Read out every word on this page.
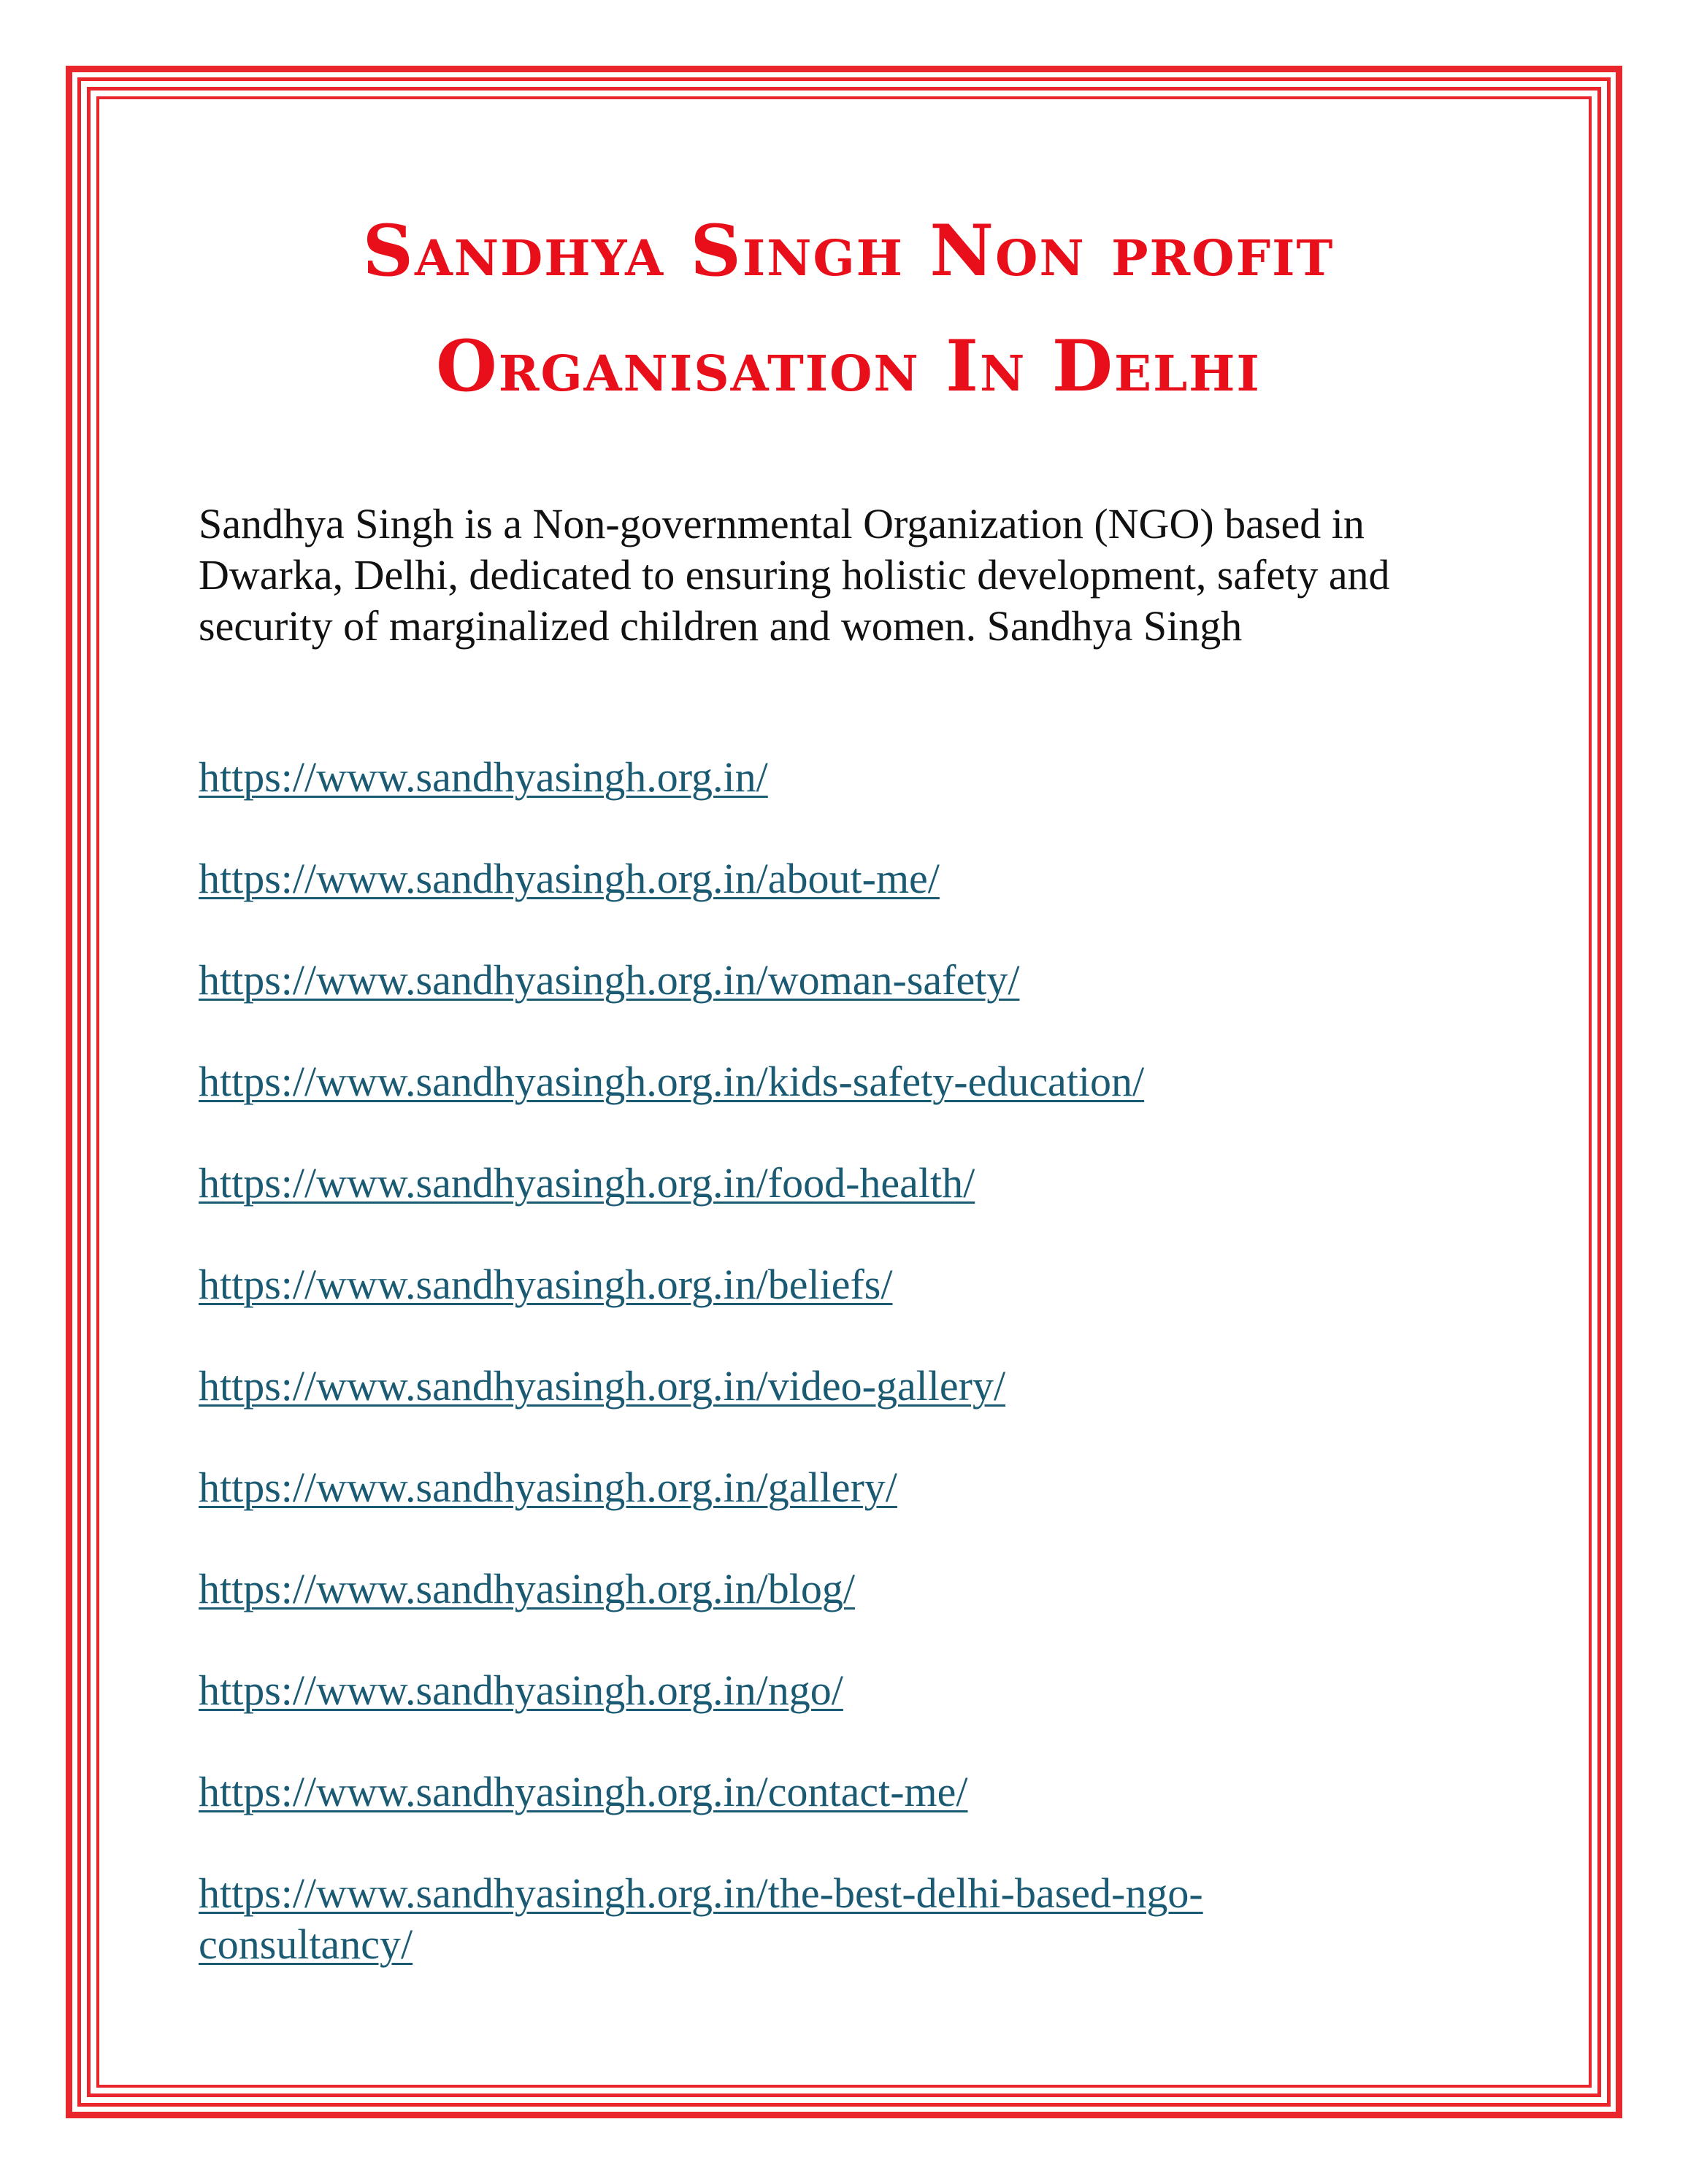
Sandhya Singh Non profit Organisation In Delhi

Sandhya Singh is a Non-governmental Organization (NGO) based in Dwarka, Delhi, dedicated to ensuring holistic development, safety and security of marginalized children and women. Sandhya Singh

https://www.sandhyasingh.org.in/
https://www.sandhyasingh.org.in/about-me/
https://www.sandhyasingh.org.in/woman-safety/
https://www.sandhyasingh.org.in/kids-safety-education/
https://www.sandhyasingh.org.in/food-health/
https://www.sandhyasingh.org.in/beliefs/
https://www.sandhyasingh.org.in/video-gallery/
https://www.sandhyasingh.org.in/gallery/
https://www.sandhyasingh.org.in/blog/
https://www.sandhyasingh.org.in/ngo/
https://www.sandhyasingh.org.in/contact-me/
https://www.sandhyasingh.org.in/the-best-delhi-based-ngo-consultancy/
